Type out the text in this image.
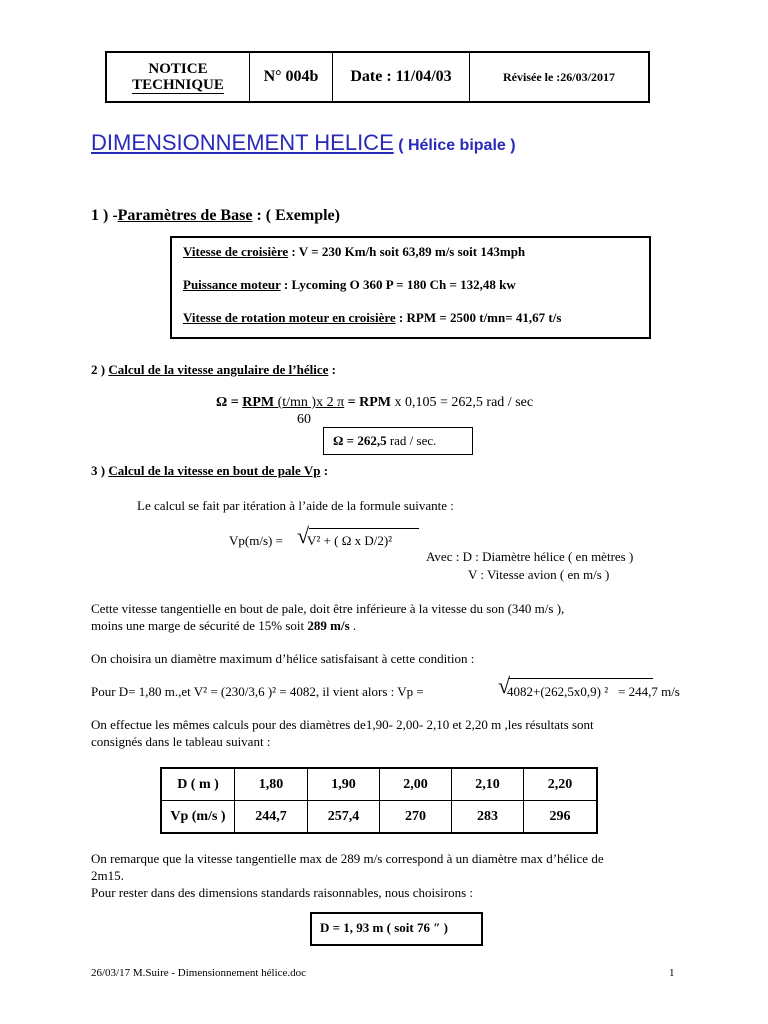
NOTICE
TECHNIQUE N° 004b Date : 11/04/03	Révisée le :26/03/2017
DIMENSIONNEMENT HELICE ( Hélice bipale )
1 ) -Paramètres de Base : ( Exemple)
Vitesse de croisière : V = 230 Km/h soit 63,89 m/s soit 143mph
Puissance moteur : Lycoming O 360 P = 180 Ch = 132,48 kw
Vitesse de rotation moteur en croisière : RPM = 2500 t/mn= 41,67 t/s
2 ) Calcul de la vitesse angulaire de l’hélice :
Ω = RPM (t/mn )x 2 π = RPM x 0,105 = 262,5 rad / sec
60
Ω = 262,5 rad / sec.
3 ) Calcul de la vitesse en bout de pale Vp :
Le calcul se fait par itération à l’aide de la formule suivante :
Vp(m/s) = √
V² + ( Ω x D/2)²
Avec : D : Diamètre hélice ( en mètres )
V : Vitesse avion ( en m/s )
Cette vitesse tangentielle en bout de pale, doit être inférieure à la vitesse du son (340 m/s ),
moins une marge de sécurité de 15% soit 289 m/s .
On choisira un diamètre maximum d’hélice satisfaisant à cette condition :
Pour D= 1,80 m.,et V² = (230/3,6 )² = 4082, il vient alors : Vp =	√
4082+(262,5x0,9) ² = 244,7 m/s
On effectue les mêmes calculs pour des diamètres de1,90- 2,00- 2,10 et 2,20 m ,les résultats sont
consignés dans le tableau suivant :
D ( m )	1,80	1,90	2,00	2,10	2,20
Vp (m/s )	244,7	257,4	270	283	296
On remarque que la vitesse tangentielle max de 289 m/s correspond à un diamètre max d’hélice de
2m15.
Pour rester dans des dimensions standards raisonnables, nous choisirons :
D = 1, 93 m ( soit 76 ″ )
26/03/17 M.Suire - Dimensionnement hélice.doc	1
